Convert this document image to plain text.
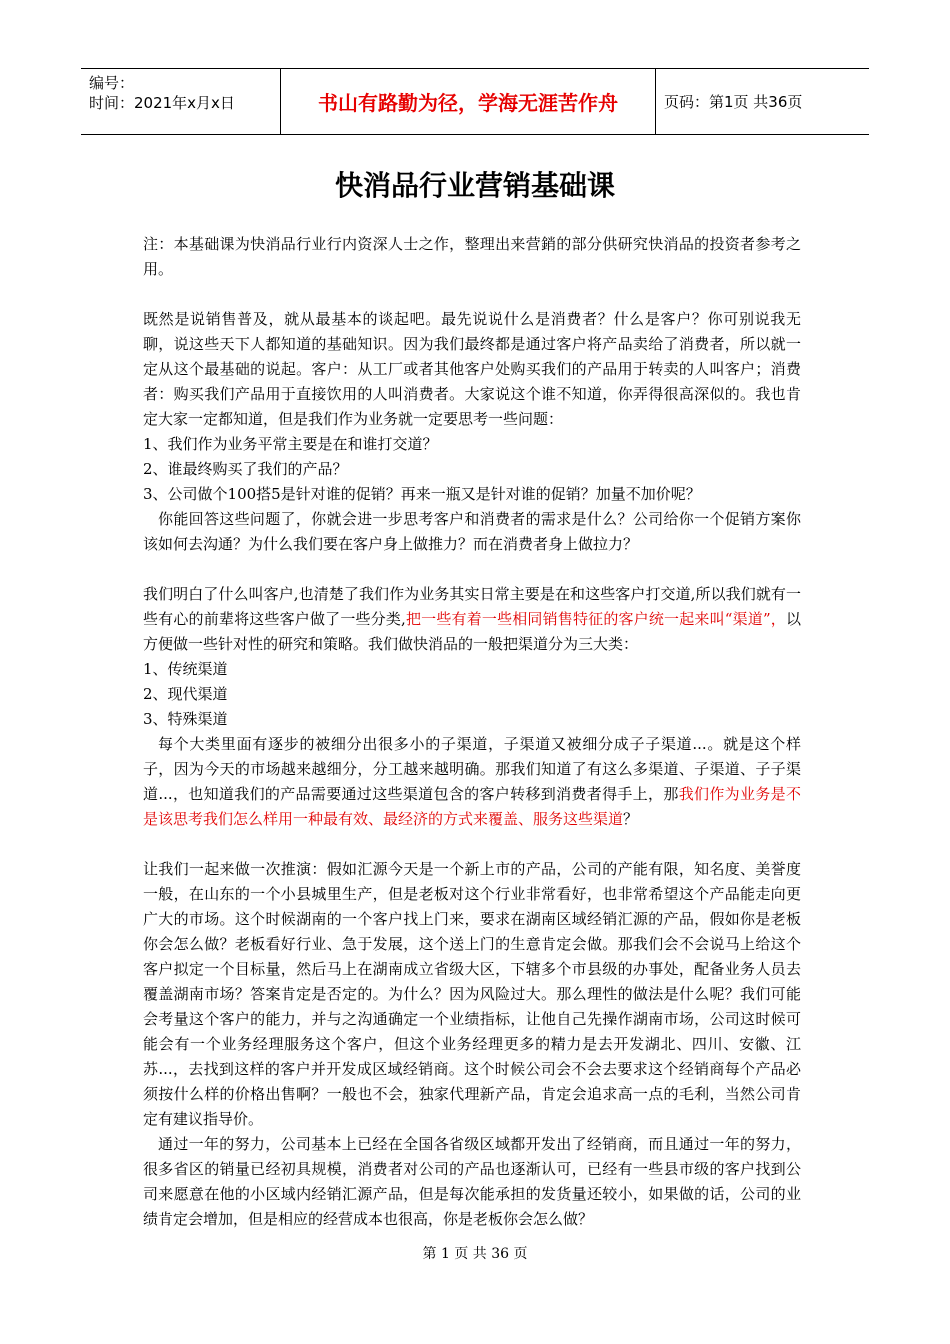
编号：
时间：2021年x月x日	书山有路勤为径，学海无涯苦作舟	页码：第1页 共36页
快消品行业营销基础课

注：本基础课为快消品行业行内资深人士之作，整理出来营銷的部分供研究快消品的投资者参考之用。

既然是说销售普及，就从最基本的谈起吧。最先说说什么是消费者？什么是客户？你可别说我无聊，说这些天下人都知道的基础知识。因为我们最终都是通过客户将产品卖给了消费者，所以就一定从这个最基础的说起。客户：从工厂或者其他客户处购买我们的产品用于转卖的人叫客户；消费者：购买我们产品用于直接饮用的人叫消费者。大家说这个谁不知道，你弄得很高深似的。我也肯定大家一定都知道，但是我们作为业务就一定要思考一些问题：

1、我们作为业务平常主要是在和谁打交道？

2、谁最终购买了我们的产品？

3、公司做个100搭5是针对谁的促销？再来一瓶又是针对谁的促销？加量不加价呢？

你能回答这些问题了，你就会进一步思考客户和消费者的需求是什么？公司给你一个促销方案你该如何去沟通？为什么我们要在客户身上做推力？而在消费者身上做拉力？

我们明白了什么叫客户,也清楚了我们作为业务其实日常主要是在和这些客户打交道,所以我们就有一些有心的前辈将这些客户做了一些分类,把一些有着一些相同销售特征的客户统一起来叫“渠道”，以方便做一些针对性的研究和策略。我们做快消品的一般把渠道分为三大类：

1、传统渠道

2、现代渠道

3、特殊渠道

每个大类里面有逐步的被细分出很多小的子渠道，子渠道又被细分成子子渠道...。就是这个样子，因为今天的市场越来越细分，分工越来越明确。那我们知道了有这么多渠道、子渠道、子子渠道...，也知道我们的产品需要通过这些渠道包含的客户转移到消费者得手上，那我们作为业务是不是该思考我们怎么样用一种最有效、最经济的方式来覆盖、服务这些渠道？

让我们一起来做一次推演：假如汇源今天是一个新上市的产品，公司的产能有限，知名度、美誉度一般，在山东的一个小县城里生产，但是老板对这个行业非常看好，也非常希望这个产品能走向更广大的市场。这个时候湖南的一个客户找上门来，要求在湖南区域经销汇源的产品，假如你是老板你会怎么做？老板看好行业、急于发展，这个送上门的生意肯定会做。那我们会不会说马上给这个客户拟定一个目标量，然后马上在湖南成立省级大区，下辖多个市县级的办事处，配备业务人员去覆盖湖南市场？答案肯定是否定的。为什么？因为风险过大。那么理性的做法是什么呢？我们可能会考量这个客户的能力，并与之沟通确定一个业绩指标，让他自己先操作湖南市场，公司这时候可能会有一个业务经理服务这个客户，但这个业务经理更多的精力是去开发湖北、四川、安徽、江苏...，去找到这样的客户并开发成区域经销商。这个时候公司会不会去要求这个经销商每个产品必须按什么样的价格出售啊？一般也不会，独家代理新产品，肯定会追求高一点的毛利，当然公司肯定有建议指导价。

通过一年的努力，公司基本上已经在全国各省级区域都开发出了经销商，而且通过一年的努力，很多省区的销量已经初具规模，消费者对公司的产品也逐渐认可，已经有一些县市级的客户找到公司来愿意在他的小区域内经销汇源产品，但是每次能承担的发货量还较小，如果做的话，公司的业绩肯定会增加，但是相应的经营成本也很高，你是老板你会怎么做？

第 1 页 共 36 页
